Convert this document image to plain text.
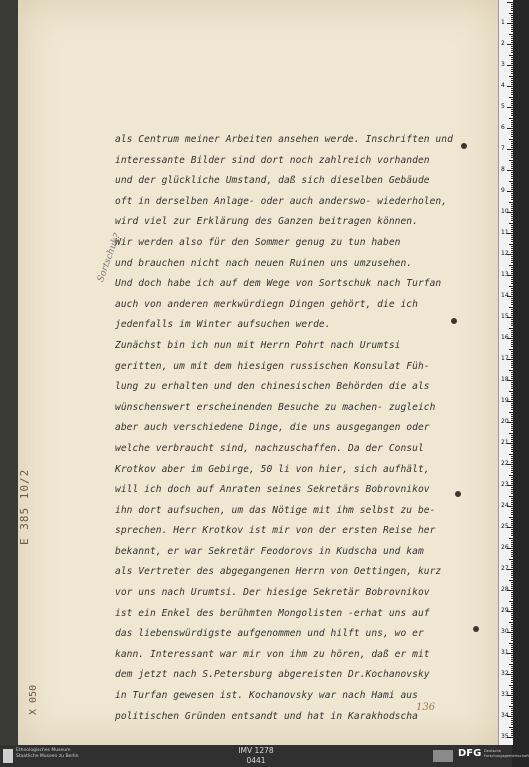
als Centrum meiner Arbeiten ansehen werde. Inschriften und
interessante Bilder sind dort noch zahlreich vorhanden
und der glückliche Umstand, daß sich dieselben Gebäude
oft in derselben Anlage- oder auch anderswo- wiederholen,
wird viel zur Erklärung des Ganzen beitragen können.
Wir werden also für den Sommer genug zu tun haben
und brauchen nicht nach neuen Ruinen uns umzusehen.
Und doch habe ich auf dem Wege von Sortschuk nach Turfan
auch von anderen merkwürdiegn Dingen gehört, die ich
jedenfalls im Winter aufsuchen werde.
Zunächst bin ich nun mit Herrn Pohrt nach Urumtsi
geritten, um mit dem hiesigen russischen Konsulat Füh-
lung zu erhalten und den chinesischen Behörden die als
wünschenswert erscheinenden Besuche zu machen- zugleich
aber auch verschiedene Dinge, die uns ausgegangen oder
welche verbraucht sind, nachzuschaffen. Da der Consul
Krotkov aber im Gebirge, 50 li von hier, sich aufhält,
will ich doch auf Anraten seines Sekretärs Bobrovnikov
ihn dort aufsuchen, um das Nötige mit ihm selbst zu be-
sprechen. Herr Krotkov ist mir von der ersten Reise her
bekannt, er war Sekretär Feodorovs in Kudscha und kam
als Vertreter des abgegangenen Herrn von Oettingen, kurz
vor uns nach Urumtsi. Der hiesige Sekretär Bobrovnikov
ist ein Enkel des berühmten Mongolisten -erhat uns auf
das liebenswürdigste aufgenommen und hilft uns, wo er
kann. Interessant war mir von ihm zu hören, daß er mit
dem jetzt nach S.Petersburg abgereisten Dr.Kochanovsky
in Turfan gewesen ist. Kochanovsky war nach Hami aus
politischen Gründen entsandt und hat in Karakhodscha
Sortschuk?
E 385 10/2
X 050	136
1
2
3
4
5
6
7
8
9
10
11
12
13
14
15
16
17
18
19
20
21
22
23
24
25
26
27
28
29
30
31
32
33
34
35
Ethnologisches Museum
Staatliche Museen zu Berlin
IMV 1278
0441
DFG Deutsche
Forschungsgemeinschaft
